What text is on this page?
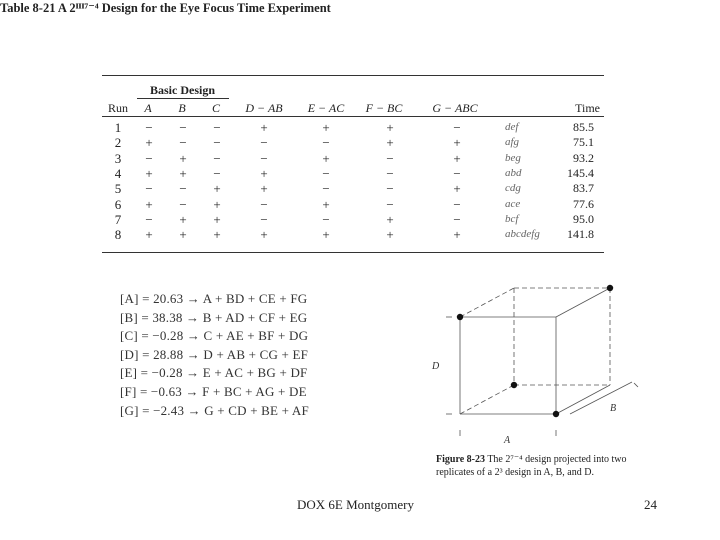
Table 8-21 A 2ᴵᴵᴵ⁷⁻⁴ Design for the Eye Focus Time Experiment
Basic Design
Run	A	B	C	D − AB	E − AC	F − BC	G − ABC	Time
1	−	−	−	+	+	+	−	def	85.5
2	+	−	−	−	−	+	+	afg	75.1
3	−	+	−	−	+	−	+	beg	93.2
4	+	+	−	+	−	−	−	abd	145.4
5	−	−	+	+	−	−	+	cdg	83.7
6	+	−	+	−	+	−	−	ace	77.6
7	−	+	+	−	−	+	−	bcf	95.0
8	+	+	+	+	+	+	+	abcdefg	141.8
[A] = 20.63 → A + BD + CE + FG
[B] = 38.38 → B + AD + CF + EG
[C] = −0.28 → C + AE + BF + DG
[D] = 28.88 → D + AB + CG + EF
[E] = −0.28 → E + AC + BG + DF
[F] = −0.63 → F + BC + AG + DE
[G] = −2.43 → G + CD + BE + AF
D
B
A
Figure 8-23 The 2⁷⁻⁴ design projected into two replicates of a 2³ design in A, B, and D.
DOX 6E Montgomery	24
